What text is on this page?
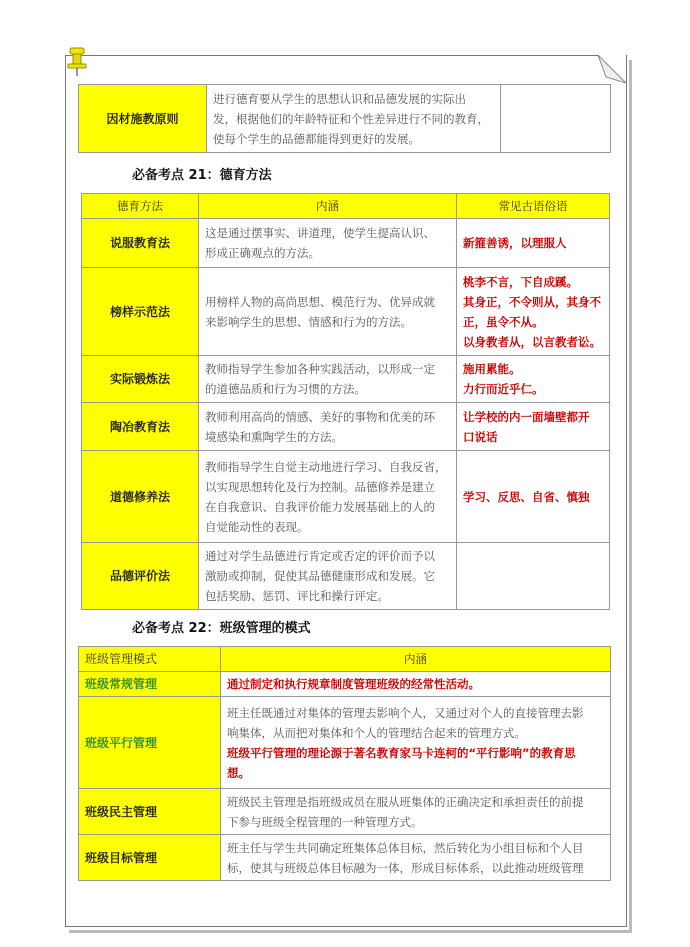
因材施教原则	
进行德育要从学生的思想认识和品德发展的实际出
发，根据他们的年龄特征和个性差异进行不同的教育，
使每个学生的品德都能得到更好的发展。

必备考点 21：德育方法
德育方法	内涵	常见古语俗语
说服教育法	这是通过摆事实、讲道理，使学生提高认识、
形成正确观点的方法。	新箍善诱，以理服人

榜样示范法	用榜样人物的高尚思想、模范行为、优异成就
来影响学生的思想、情感和行为的方法。	桃李不言，下自成蹊。
其身正，不令则从，其身不
正，虽令不从。
以身教者从，以言教者讼。

实际锻炼法	教师指导学生参加各种实践活动，以形成一定
的道德品质和行为习惯的方法。	施用累能。
力行而近乎仁。

陶冶教育法	教师利用高尚的情感、美好的事物和优美的环
境感染和熏陶学生的方法。	让学校的内一面墙壁都开
口说话

道德修养法	教师指导学生自觉主动地进行学习、自我反省，
以实现思想转化及行为控制。品德修养是建立
在自我意识、自我评价能力发展基础上的人的
自觉能动性的表现。	学习、反思、自省、慎独

品德评价法	通过对学生品德进行肯定或否定的评价而予以
激励或抑制，促使其品德健康形成和发展。它
包括奖励、惩罚、评比和操行评定。	

必备考点 22：班级管理的模式
班级管理模式	内涵
班级常规管理	通过制定和执行规章制度管理班级的经常性活动。
班级平行管理	班主任既通过对集体的管理去影响个人，又通过对个人的直接管理去影
响集体，从而把对集体和个人的管理结合起来的管理方式。
班级平行管理的理论源于著名教育家马卡连柯的“平行影响”的教育思
想。

班级民主管理	班级民主管理是指班级成员在服从班集体的正确决定和承担责任的前提
下参与班级全程管理的一种管理方式。

班级目标管理	班主任与学生共同确定班集体总体目标，然后转化为小组目标和个人目
标，使其与班级总体目标融为一体，形成目标体系，以此推动班级管理
